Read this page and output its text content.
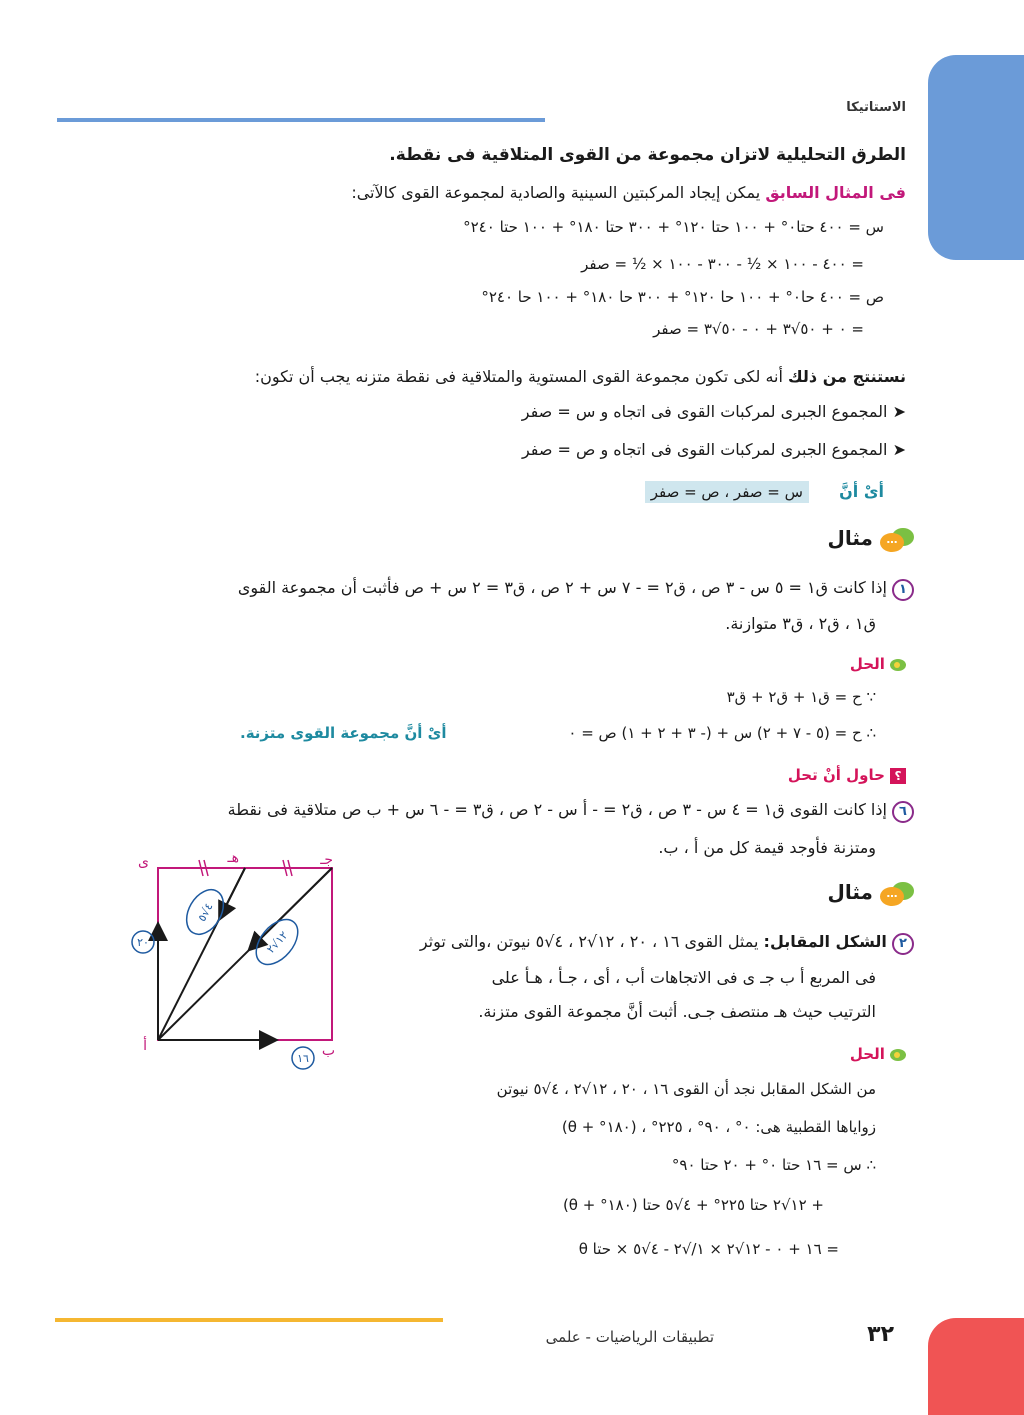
الاستاتيكا
الطرق التحليلية لاتزان مجموعة من القوى المتلاقية فى نقطة.
فى المثال السابق يمكن إيجاد المركبتين السينية والصادية لمجموعة القوى كالآتى:
س = ٤٠٠ حتا٠° + ١٠٠ حتا ١٢٠° + ٣٠٠ حتا ١٨٠° + ١٠٠ حتا ٢٤٠°
= ٤٠٠ - ١٠٠ × ½ - ٣٠٠ - ١٠٠ × ½ = صفر
ص = ٤٠٠ حا٠° + ١٠٠ حا ١٢٠° + ٣٠٠ حا ١٨٠° + ١٠٠ حا ٢٤٠°
= ٠ + ٥٠√٣ + ٠ - ٥٠√٣ = صفر
نستنتج من ذلك أنه لكى تكون مجموعة القوى المستوية والمتلاقية فى نقطة متزنه يجب أن تكون:
➤ المجموع الجبرى لمركبات القوى فى اتجاه و س = صفر
➤ المجموع الجبرى لمركبات القوى فى اتجاه و ص = صفر
أىْ أنَّ  س = صفر ، ص = صفر
…
مثال
١ إذا كانت ق١ = ٥ س - ٣ ص ، ق٢ = - ٧ س + ٢ ص ، ق٣ = ٢ س + ص فأثبت أن مجموعة القوى
ق١ ، ق٢ ، ق٣ متوازنة.
الحل
∵ ح = ق١ + ق٢ + ق٣
∴ ح = (٥ - ٧ + ٢) س + (- ٣ + ٢ + ١) ص = ٠
أىْ أنَّ مجموعة القوى متزنة.
؟ حاول أنْ تحل
٦ إذا كانت القوى ق١ = ٤ س - ٣ ص ، ق٢ = - أ س - ٢ ص ، ق٣ = - ٦ س + ب ص متلاقية فى نقطة
ومتزنة فأوجد قيمة كل من أ ، ب.
…
مثال
٢ الشكل المقابل: يمثل القوى ١٦ ، ٢٠ ، ١٢√٢ ، ٤√٥ نيوتن ،والتى توثر
فى المربع أ ب جـ ى فى الاتجاهات أب ، أى ، جـأ ، هـأ على
الترتيب حيث هـ منتصف جـى. أثبت أنَّ مجموعة القوى متزنة.
الحل
من الشكل المقابل نجد أن القوى ١٦ ، ٢٠ ، ١٢√٢ ، ٤√٥ نيوتن
زواياها القطبية هى: ٠° ، ٩٠° ، ٢٢٥° ، (١٨٠° + θ)
∴ س = ١٦ حتا ٠° + ٢٠ حتا ٩٠°
+ ١٢√٢ حتا ٢٢٥° + ٤√٥ حتا (١٨٠° + θ)
= ١٦ + ٠ - ١٢√٢ × ١/√٢ - ٤√٥ × حتا θ
ى	هـ	جـ
أ	ب
٢٠
١٦
٤√٥
١٢√٢
٣٢
تطبيقات الرياضيات - علمى
